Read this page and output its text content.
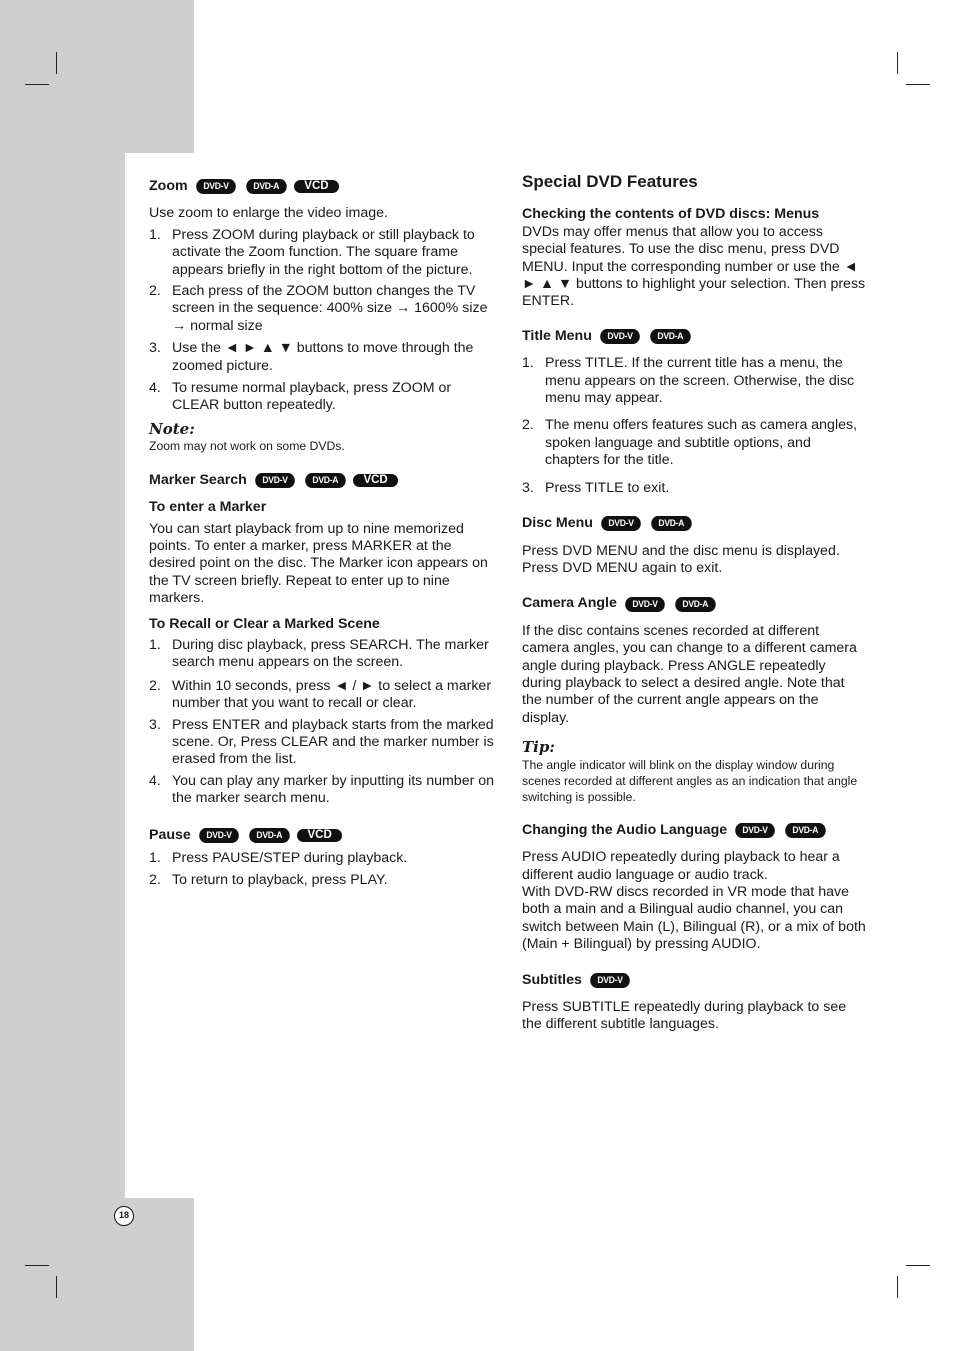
Zoom	DVD-V	DVD-A	VCD

Use zoom to enlarge the video image.

1. Press ZOOM during playback or still playback to activate the Zoom function. The square frame appears briefly in the right bottom of the picture.
2. Each press of the ZOOM button changes the TV screen in the sequence: 400% size → 1600% size → normal size
3. Use the ◄ ► ▲ ▼ buttons to move through the zoomed picture.
4. To resume normal playback, press ZOOM or CLEAR button repeatedly.

Note:

Zoom may not work on some DVDs.

Marker Search	DVD-V	DVD-A	VCD

To enter a Marker

You can start playback from up to nine memorized points. To enter a marker, press MARKER at the desired point on the disc. The Marker icon appears on the TV screen briefly. Repeat to enter up to nine markers.

To Recall or Clear a Marked Scene

1. During disc playback, press SEARCH. The marker search menu appears on the screen.
2. Within 10 seconds, press ◄ / ► to select a marker number that you want to recall or clear.
3. Press ENTER and playback starts from the marked scene. Or, Press CLEAR and the marker number is erased from the list.
4. You can play any marker by inputting its number on the marker search menu.
Pause	DVD-V	DVD-A	VCD
1. Press PAUSE/STEP during playback.
2. To return to playback, press PLAY.

Special DVD Features

Checking the contents of DVD discs: Menus

DVDs may offer menus that allow you to access special features. To use the disc menu, press DVD MENU. Input the corresponding number or use the ◄ ► ▲ ▼ buttons to highlight your selection. Then press ENTER.

Title Menu	DVD-V	DVD-A
1. Press TITLE. If the current title has a menu, the menu appears on the screen. Otherwise, the disc menu may appear.
2. The menu offers features such as camera angles, spoken language and subtitle options, and chapters for the title.
3. Press TITLE to exit.
Disc Menu	DVD-V	DVD-A

Press DVD MENU and the disc menu is displayed. Press DVD MENU again to exit.

Camera Angle	DVD-V	DVD-A

If the disc contains scenes recorded at different camera angles, you can change to a different camera angle during playback. Press ANGLE repeatedly during playback to select a desired angle. Note that the number of the current angle appears on the display.

Tip:

The angle indicator will blink on the display window during scenes recorded at different angles as an indication that angle switching is possible.

Changing the Audio Language	DVD-V	DVD-A

Press AUDIO repeatedly during playback to hear a different audio language or audio track.

With DVD-RW discs recorded in VR mode that have both a main and a Bilingual audio channel, you can switch between Main (L), Bilingual (R), or a mix of both (Main + Bilingual) by pressing AUDIO.

Subtitles	DVD-V

Press SUBTITLE repeatedly during playback to see the different subtitle languages.

18
